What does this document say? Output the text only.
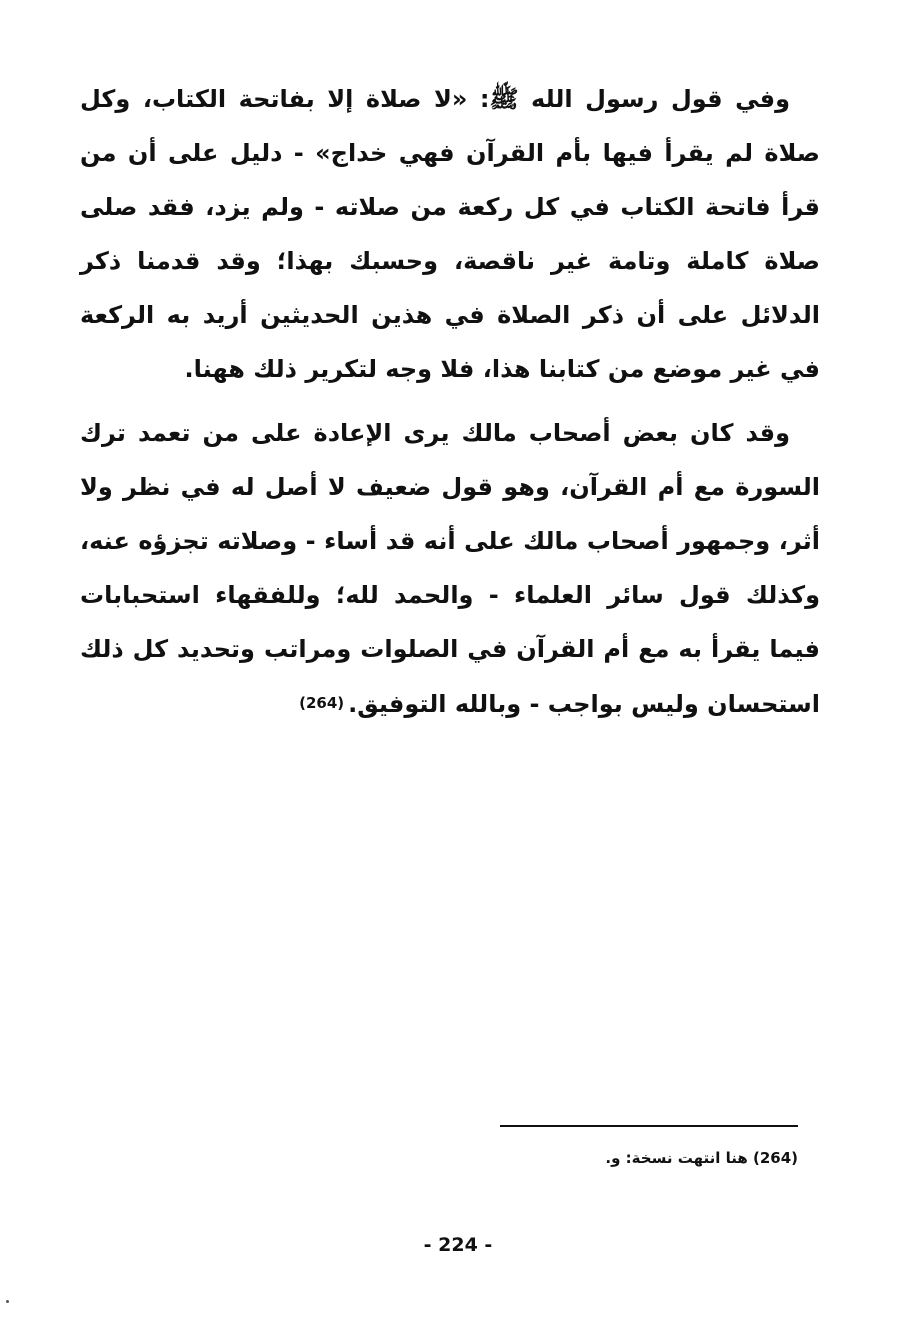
وفي قول رسول الله ﷺ: «لا صلاة إلا بفاتحة الكتاب، وكل صلاة لم يقرأ فيها بأم القرآن فهي خداج» - دليل على أن من قرأ فاتحة الكتاب في كل ركعة من صلاته - ولم يزد، فقد صلى صلاة كاملة وتامة غير ناقصة، وحسبك بهذا؛ وقد قدمنا ذكر الدلائل على أن ذكر الصلاة في هذين الحديثين أريد به الركعة في غير موضع من كتابنا هذا، فلا وجه لتكرير ذلك ههنا.

وقد كان بعض أصحاب مالك يرى الإعادة على من تعمد ترك السورة مع أم القرآن، وهو قول ضعيف لا أصل له في نظر ولا أثر، وجمهور أصحاب مالك على أنه قد أساء - وصلاته تجزؤه عنه، وكذلك قول سائر العلماء - والحمد لله؛ وللفقهاء استحبابات فيما يقرأ به مع أم القرآن في الصلوات ومراتب وتحديد كل ذلك استحسان وليس بواجب - وبالله التوفيق.(264)

(264) هنا انتهت نسخة: و.
- 224 -
